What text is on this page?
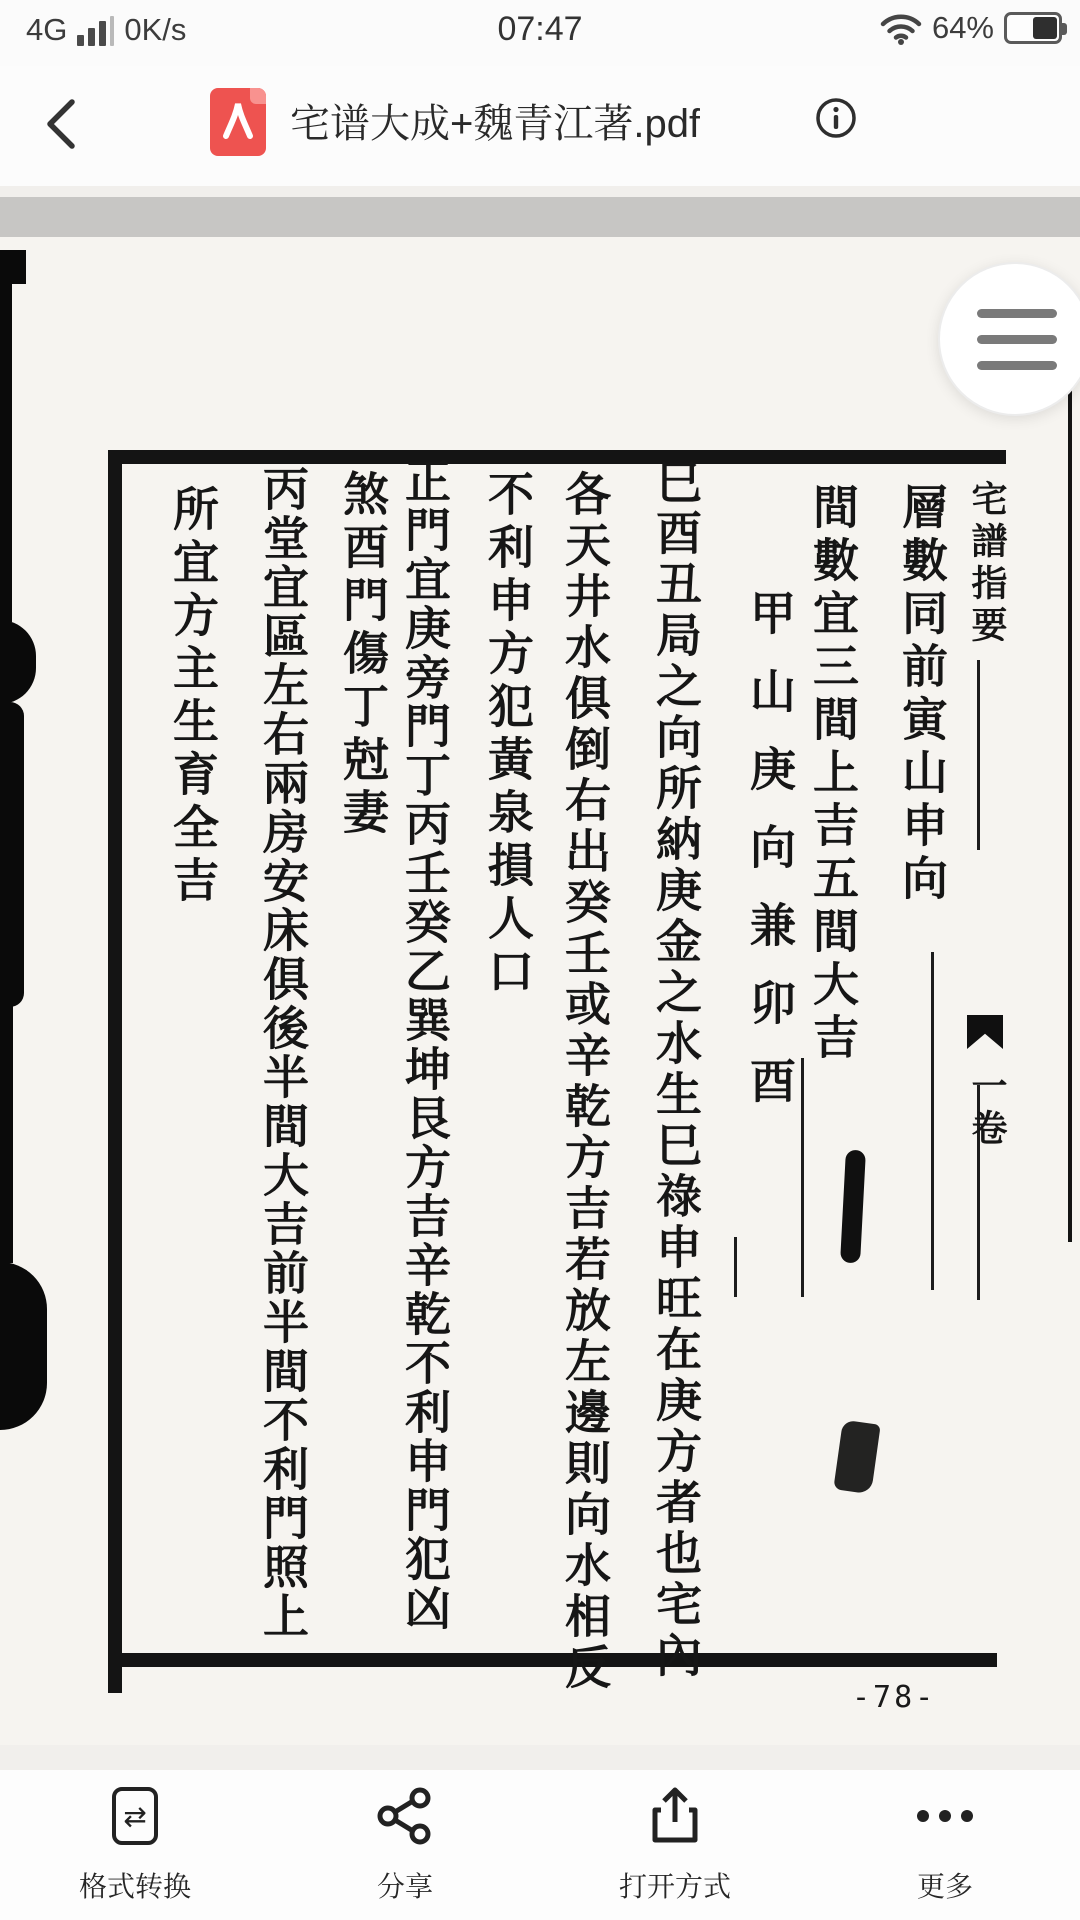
4G 0K/s	07:47	64%
宅谱大成+魏青江著.pdf
宅譜指要
一卷
層數同前寅山申向
間數宜三間上吉五間大吉
甲山庚向兼卯酉
巳酉丑局之向所納庚金之水生巳祿申旺在庚方者也宅內
各天井水俱倒右出癸壬或辛乾方吉若放左邊則向水相反
不利申方犯黃泉損人口
正門宜庚旁門丁丙壬癸乙巽坤艮方吉辛乾不利申門犯凶
煞酉門傷丁尅妻
丙堂宜區左右兩房安床俱後半間大吉前半間不利門照上
所宜方主生育全吉
-78-
⇄
格式转换	分享	打开方式	更多
